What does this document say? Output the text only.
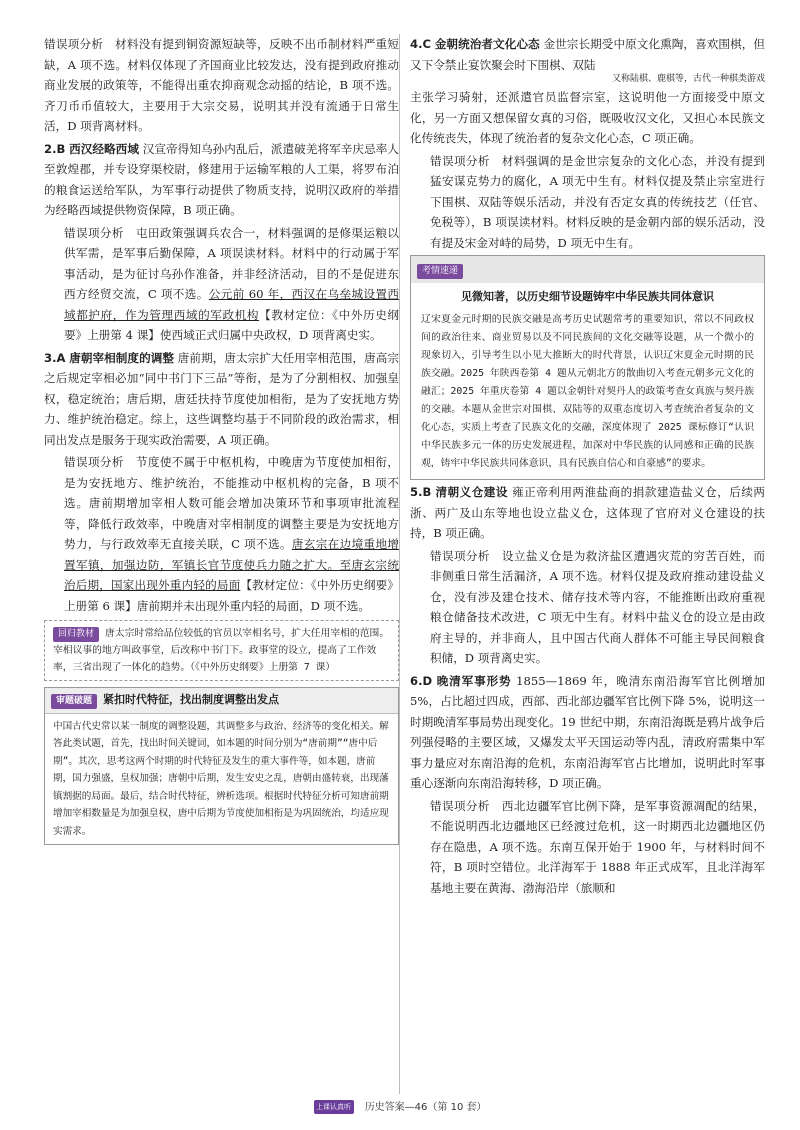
错误项分析　材料没有提到铜资源短缺等，反映不出币制材料严重短缺，A 项不选。材料仅体现了齐国商业比较发达，没有提到政府推动商业发展的政策等，不能得出重农抑商观念动摇的结论，B 项不选。齐刀币币值较大，主要用于大宗交易，说明其并没有流通于日常生活，D 项背离材料。

2.B 西汉经略西域 汉宣帝得知乌孙内乱后，派遣破羌将军辛庆忌率人至敦煌郡，并专设穿渠校尉，修建用于运输军粮的人工渠，将罗布泊的粮食运送给军队，为军事行动提供了物质支持，说明汉政府的举措为经略西域提供物资保障，B 项正确。

错误项分析　屯田政策强调兵农合一，材料强调的是修渠运粮以供军需，是军事后勤保障，A 项误读材料。材料中的行动属于军事活动，是为征讨乌孙作准备，并非经济活动，目的不是促进东西方经贸交流，C 项不选。公元前 60 年，西汉在乌垒城设置西域都护府，作为管理西域的军政机构【教材定位：《中外历史纲要》上册第 4 课】使西域正式归属中央政权，D 项背离史实。

3.A 唐朝宰相制度的调整 唐前期，唐太宗扩大任用宰相范围，唐高宗之后规定宰相必加“同中书门下三品”等衔，是为了分割相权、加强皇权，稳定统治；唐后期，唐廷扶持节度使加相衔，是为了安抚地方势力、维护统治稳定。综上，这些调整均基于不同阶段的政治需求，相同出发点是服务于现实政治需要，A 项正确。

错误项分析　节度使不属于中枢机构，中晚唐为节度使加相衔，是为安抚地方、维护统治，不能推动中枢机构的完备，B 项不选。唐前期增加宰相人数可能会增加决策环节和事项审批流程等，降低行政效率，中晚唐对宰相制度的调整主要是为安抚地方势力，与行政效率无直接关联，C 项不选。唐玄宗在边境重地增置军镇，加强边防，军镇长官节度使兵力随之扩大。至唐玄宗统治后期，国家出现外重内轻的局面【教材定位：《中外历史纲要》上册第 6 课】唐前期并未出现外重内轻的局面，D 项不选。

回归教材 唐太宗时常给品位较低的官员以宰相名号，扩大任用宰相的范围。宰相议事的地方叫政事堂，后改称中书门下。政事堂的设立，提高了工作效率，三省出现了一体化的趋势。（《中外历史纲要》上册第 7 课）
审题破题 紧扣时代特征，找出制度调整出发点
中国古代史常以某一制度的调整设题，其调整多与政治、经济等的变化相关。解答此类试题，首先，找出时间关键词，如本题的时间分别为“唐前期”“唐中后期”。其次，思考这两个时期的时代特征及发生的重大事件等，如本题，唐前期，国力强盛，皇权加强；唐朝中后期，发生安史之乱，唐朝由盛转衰，出现藩镇割据的局面。最后，结合时代特征，辨析选项。根据时代特征分析可知唐前期增加宰相数量是为加强皇权，唐中后期为节度使加相衔是为巩固统治，均适应现实需求。

4.C 金朝统治者文化心态 金世宗长期受中原文化熏陶，喜欢围棋，但又下令禁止宴饮聚会时下围棋、双陆

又称陆棋、鹿棋等，古代一种棋类游戏

主张学习骑射，还派遣官员监督宗室，这说明他一方面接受中原文化，另一方面又想保留女真的习俗，既吸收汉文化，又担心本民族文化传统丧失，体现了统治者的复杂文化心态，C 项正确。

错误项分析　材料强调的是金世宗复杂的文化心态，并没有提到猛安谋克势力的腐化，A 项无中生有。材料仅提及禁止宗室进行下围棋、双陆等娱乐活动，并没有否定女真的传统技艺（任官、免税等），B 项误读材料。材料反映的是金朝内部的娱乐活动，没有提及宋金对峙的局势，D 项无中生有。

考情速递
见微知著，以历史细节设题铸牢中华民族共同体意识
辽宋夏金元时期的民族交融是高考历史试题常考的重要知识，常以不同政权间的政治往来、商业贸易以及不同民族间的文化交融等设题，从一个微小的现象切入，引导考生以小见大推断大的时代背景，认识辽宋夏金元时期的民族交融。2025 年陕西卷第 4 题从元朝北方的散曲切入考查元朝多元文化的融汇；2025 年重庆卷第 4 题以金朝针对契丹人的政策考查女真族与契丹族的交融。本题从金世宗对围棋、双陆等的双重态度切入考查统治者复杂的文化心态，实质上考查了民族文化的交融，深度体现了 2025 课标修订“认识中华民族多元一体的历史发展进程，加深对中华民族的认同感和正确的民族观，铸牢中华民族共同体意识，具有民族自信心和自豪感”的要求。

5.B 清朝义仓建设 雍正帝利用两淮盐商的捐款建造盐义仓，后续两浙、两广及山东等地也设立盐义仓，这体现了官府对义仓建设的扶持，B 项正确。

错误项分析　设立盐义仓是为救济盐区遭遇灾荒的穷苦百姓，而非侧重日常生活漏济，A 项不选。材料仅提及政府推动建设盐义仓，没有涉及建仓技术、储存技术等内容，不能推断出政府重视粮仓储备技术改进，C 项无中生有。材料中盐义仓的设立是由政府主导的，并非商人，且中国古代商人群体不可能主导民间粮食积储，D 项背离史实。

6.D 晚清军事形势 1855—1869 年，晚清东南沿海军官比例增加 5%，占比超过四成，西部、西北部边疆军官比例下降 5%，说明这一时期晚清军事局势出现变化。19 世纪中期，东南沿海既是鸦片战争后列强侵略的主要区域，又爆发太平天国运动等内乱，清政府需集中军事力量应对东南沿海的危机，东南沿海军官占比增加，说明此时军事重心逐渐向东南沿海转移，D 项正确。

错误项分析　西北边疆军官比例下降，是军事资源凋配的结果，不能说明西北边疆地区已经渡过危机，这一时期西北边疆地区仍存在隐患，A 项不选。东南互保开始于 1900 年，与材料时间不符，B 项时空错位。北洋海军于 1888 年正式成军，且北洋海军基地主要在黄海、渤海沿岸（旅顺和

上课认真听 下课练天星 历史答案—46（第 10 套）
